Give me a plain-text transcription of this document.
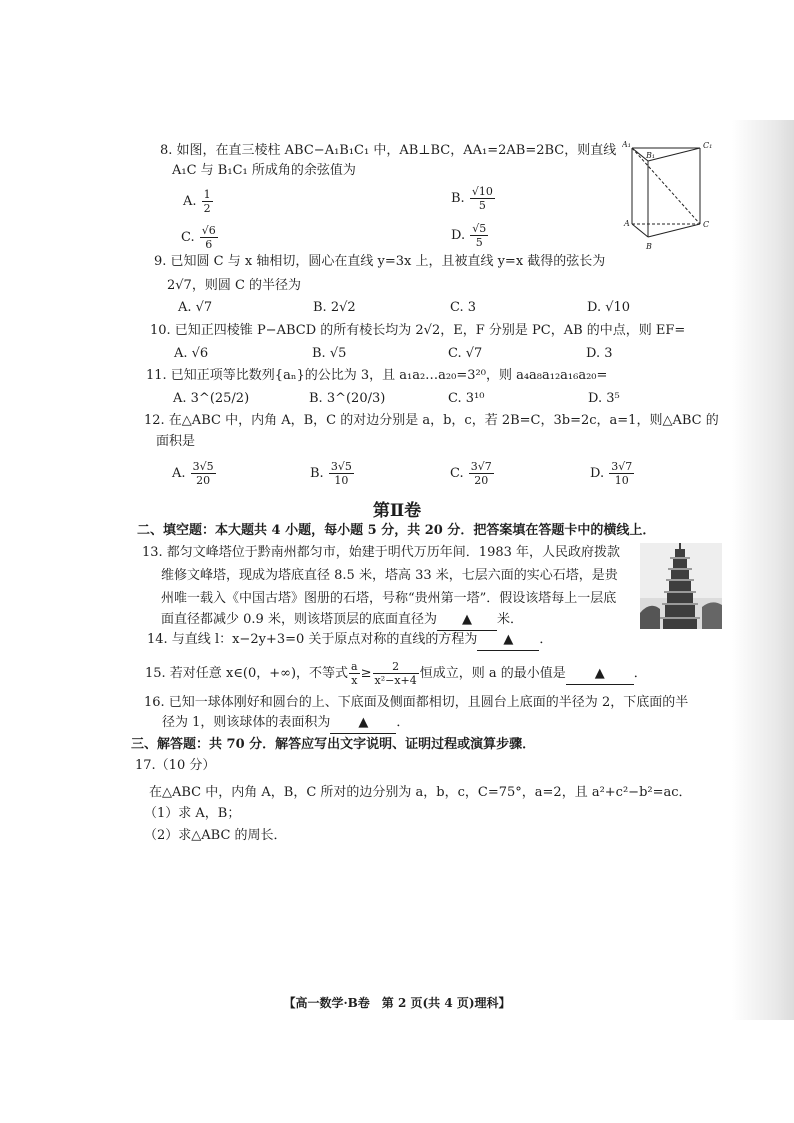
8. 如图，在直三棱柱 ABC−A₁B₁C₁ 中，AB⊥BC，AA₁=2AB=2BC，则直线
A₁C 与 B₁C₁ 所成角的余弦值为
A. $\frac{1}{2}$	B. $\frac{√10}{5}$
C. $\frac{√6}{6}$	D. $\frac{√5}{5}$
A₁
B₁
C₁
A
B
C
9. 已知圆 C 与 x 轴相切，圆心在直线 y=3x 上，且被直线 y=x 截得的弦长为
2√7，则圆 C 的半径为
A. √7	B. 2√2	C. 3	D. √10
10. 已知正四棱锥 P−ABCD 的所有棱长均为 2√2，E，F 分别是 PC，AB 的中点，则 EF=
A. √6	B. √5	C. √7	D. 3
11. 已知正项等比数列{aₙ}的公比为 3，且 a₁a₂…a₂₀=3²⁰，则 a₄a₈a₁₂a₁₆a₂₀=
A. 3^(25/2)	B. 3^(20/3)	C. 3¹⁰	D. 3⁵
12. 在△ABC 中，内角 A，B，C 的对边分别是 a，b，c，若 2B=C，3b=2c，a=1，则△ABC 的
面积是
A. $\frac{3√5}{20}$	B. $\frac{3√5}{10}$	C. $\frac{3√7}{20}$	D. $\frac{3√7}{10}$
第Ⅱ卷
二、填空题：本大题共 4 小题，每小题 5 分，共 20 分．把答案填在答题卡中的横线上．
13. 都匀文峰塔位于黔南州都匀市，始建于明代万历年间．1983 年，人民政府拨款
维修文峰塔，现成为塔底直径 8.5 米，塔高 33 米，七层六面的实心石塔，是贵
州唯一载入《中国古塔》图册的石塔，号称“贵州第一塔”．假设该塔每上一层底
面直径都减少 0.9 米，则该塔顶层的底面直径为 ▲ 米．
14. 与直线 l：x−2y+3=0 关于原点对称的直线的方程为 ▲ ．
15. 若对任意 x∈(0，+∞)，不等式 $\frac{a}{x} \ge \frac{2}{\text{x²−x+4}}$ 恒成立，则 a 的最小值是 ▲ ．
16. 已知一球体刚好和圆台的上、下底面及侧面都相切，且圆台上底面的半径为 2，下底面的半
径为 1，则该球体的表面积为 ▲ ．
三、解答题：共 70 分．解答应写出文字说明、证明过程或演算步骤．
17.（10 分）
在△ABC 中，内角 A，B，C 所对的边分别为 a，b，c，C=75°，a=2，且 a²+c²−b²=ac．
（1）求 A，B；
（2）求△ABC 的周长．
【高一数学·B卷　第 2 页(共 4 页)理科】
